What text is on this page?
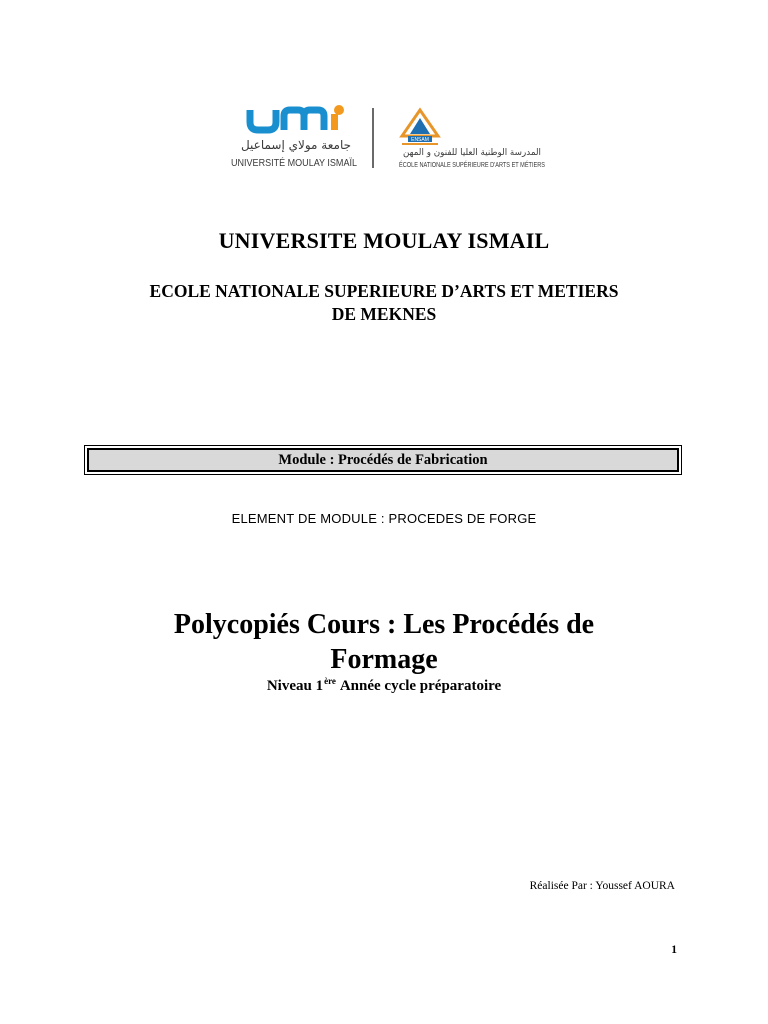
جامعة مولاي إسماعيل
UNIVERSITÉ MOULAY ISMAÏL
ENSAM
المدرسة الوطنية العليا للفنون و المهن
ÉCOLE NATIONALE SUPÉRIEURE D'ARTS ET MÉTIERS
UNIVERSITE MOULAY ISMAIL
ECOLE NATIONALE SUPERIEURE D’ARTS ET METIERS
DE MEKNES
Module : Procédés de Fabrication
ELEMENT DE MODULE : PROCEDES DE FORGE
Polycopiés Cours : Les Procédés de
Formage
Niveau 1ère Année cycle préparatoire
Réalisée Par : Youssef AOURA
1
